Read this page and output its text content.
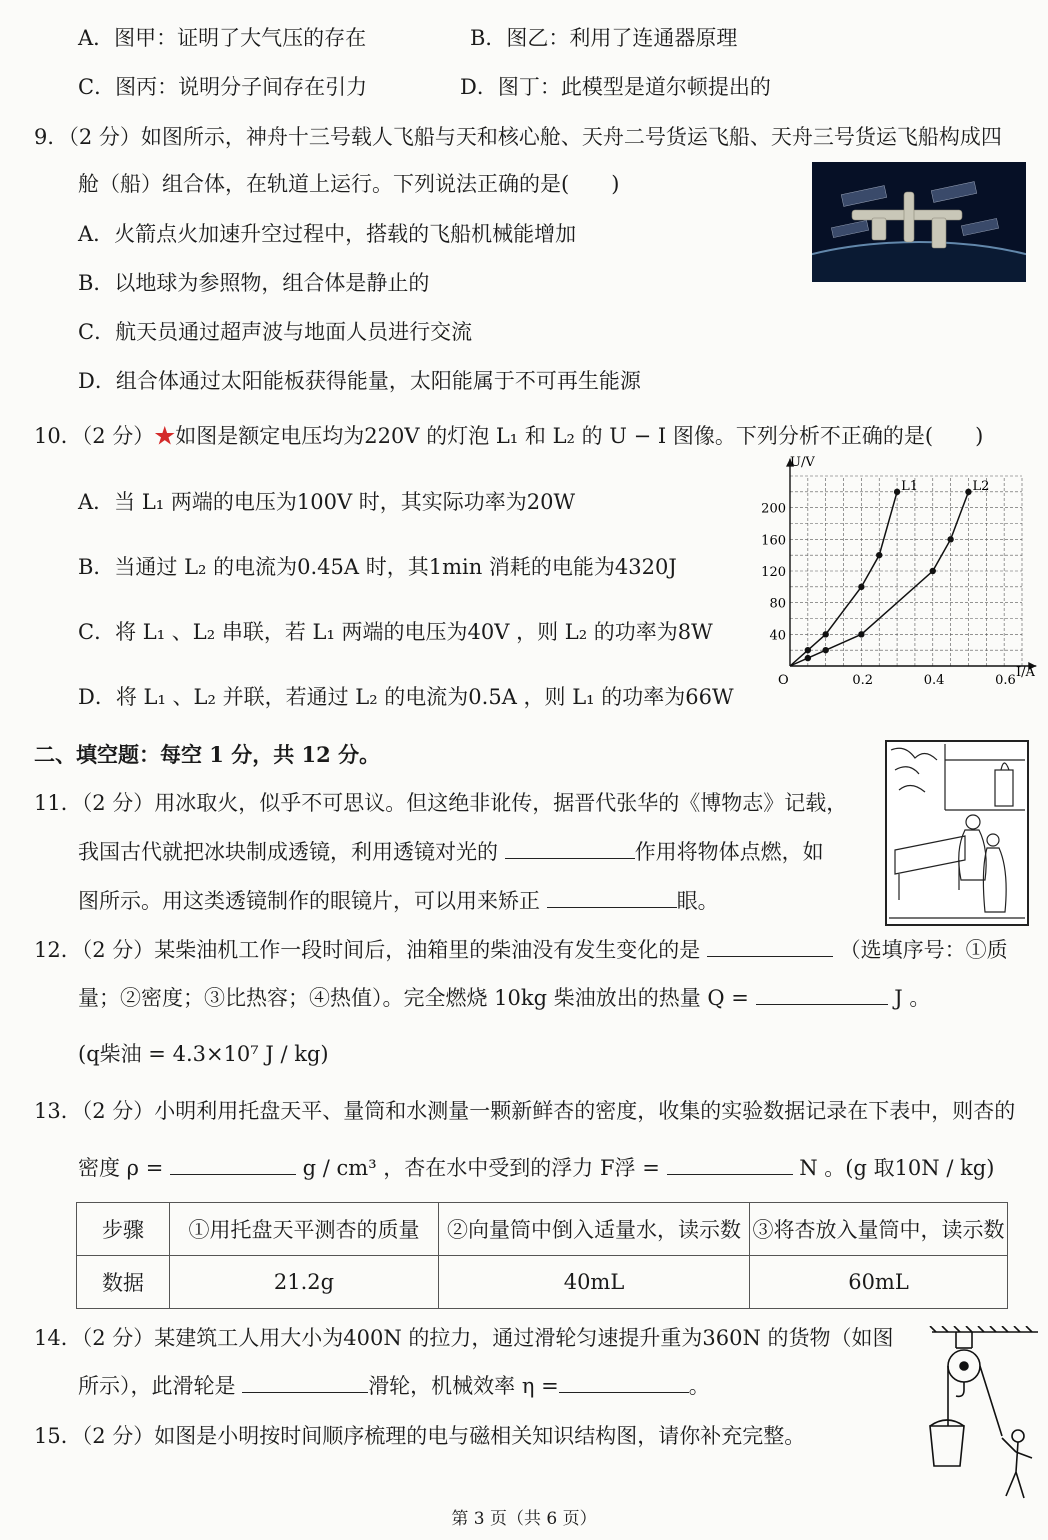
A．图甲：证明了大气压的存在	B．图乙：利用了连通器原理
C．图丙：说明分子间存在引力	D．图丁：此模型是道尔顿提出的
9．（2 分）如图所示，神舟十三号载人飞船与天和核心舱、天舟二号货运飞船、天舟三号货运飞船构成四
舱（船）组合体，在轨道上运行。下列说法正确的是(　　)
A．火箭点火加速升空过程中，搭载的飞船机械能增加
B．以地球为参照物，组合体是静止的
C．航天员通过超声波与地面人员进行交流
D．组合体通过太阳能板获得能量，太阳能属于不可再生能源
10．（2 分）★如图是额定电压均为220V 的灯泡 L₁ 和 L₂ 的 U − I 图像。下列分析不正确的是(　　)
A．当 L₁ 两端的电压为100V 时，其实际功率为20W
B．当通过 L₂ 的电流为0.45A 时，其1min 消耗的电能为4320J
C．将 L₁ 、L₂ 串联，若 L₁ 两端的电压为40V ，则 L₂ 的功率为8W
D．将 L₁ 、L₂ 并联，若通过 L₂ 的电流为0.5A ，则 L₁ 的功率为66W
O	0.2	0.4	0.6
40
80
120
160
200
L1	L2
U/V
I/A
二、填空题：每空 1 分，共 12 分。
11．（2 分）用冰取火，似乎不可思议。但这绝非讹传，据晋代张华的《博物志》记载，
我国古代就把冰块制成透镜，利用透镜对光的	作用将物体点燃，如
图所示。用这类透镜制作的眼镜片，可以用来矫正	眼。
12．（2 分）某柴油机工作一段时间后，油箱里的柴油没有发生变化的是	（选填序号：①质
量；②密度；③比热容；④热值）。完全燃烧 10kg 柴油放出的热量 Q =	J 。
(q柴油 = 4.3×10⁷ J / kg)
13．（2 分）小明利用托盘天平、量筒和水测量一颗新鲜杏的密度，收集的实验数据记录在下表中，则杏的
密度 ρ =	g / cm³ ，杏在水中受到的浮力 F浮 =	N 。(g 取10N / kg)
步骤	①用托盘天平测杏的质量	②向量筒中倒入适量水，读示数	③将杏放入量筒中，读示数
数据	21.2g	40mL	60mL
14．（2 分）某建筑工人用大小为400N 的拉力，通过滑轮匀速提升重为360N 的货物（如图
所示），此滑轮是	滑轮，机械效率 η =	。
15．（2 分）如图是小明按时间顺序梳理的电与磁相关知识结构图，请你补充完整。
第 3 页（共 6 页）
